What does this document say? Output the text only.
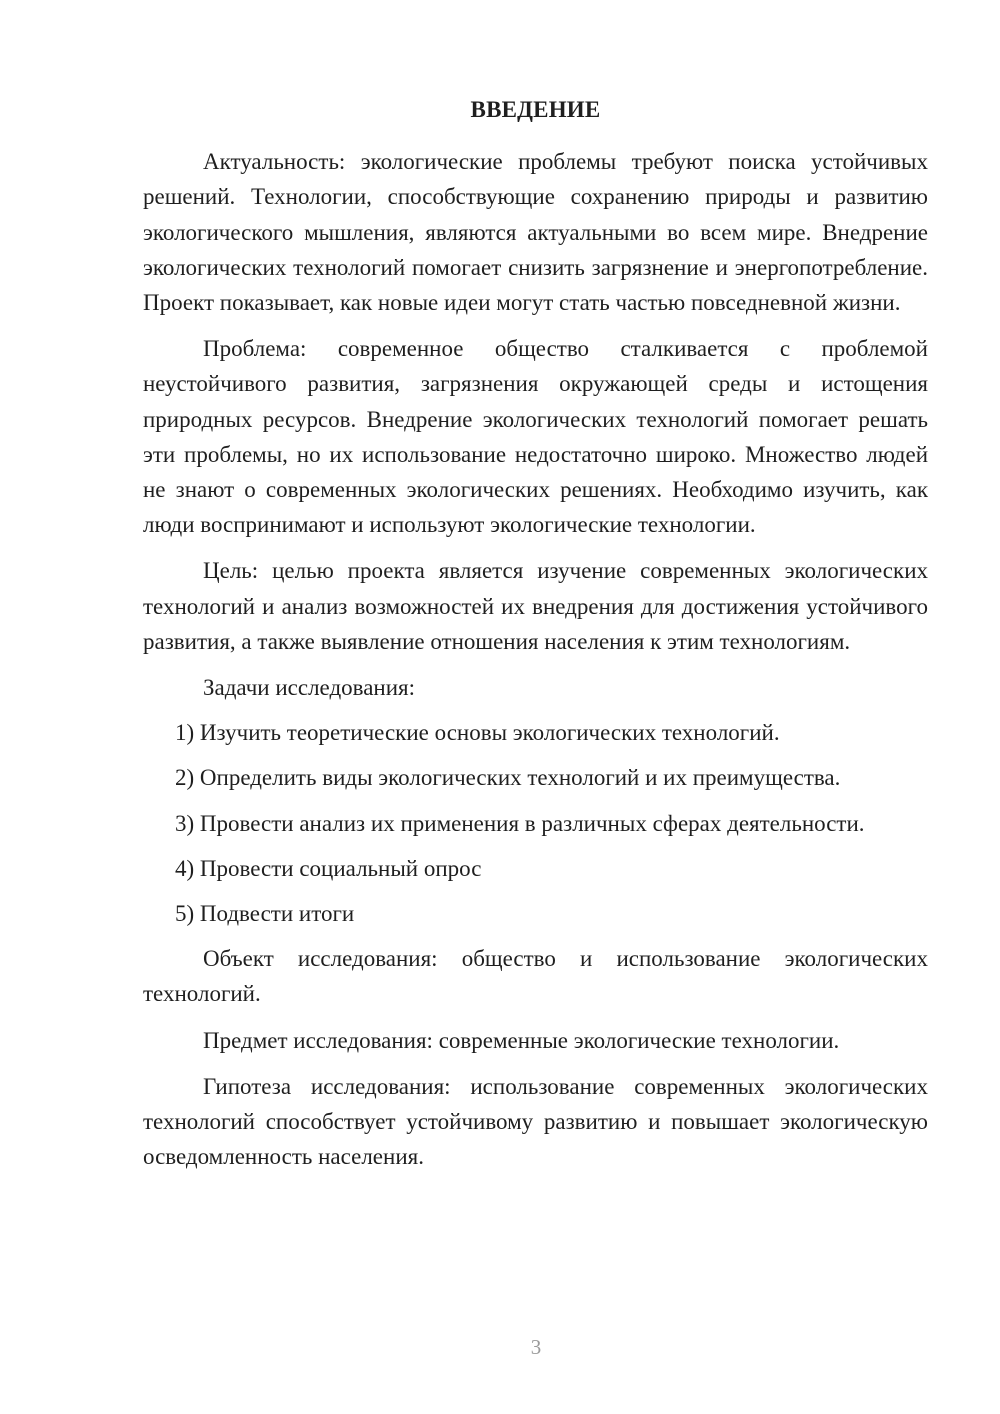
ВВЕДЕНИЕ

Актуальность: экологические проблемы требуют поиска устойчивых решений. Технологии, способствующие сохранению природы и развитию экологического мышления, являются актуальными во всем мире. Внедрение экологических технологий помогает снизить загрязнение и энергопотребление. Проект показывает, как новые идеи могут стать частью повседневной жизни.

Проблема: современное общество сталкивается с проблемой неустойчивого развития, загрязнения окружающей среды и истощения природных ресурсов. Внедрение экологических технологий помогает решать эти проблемы, но их использование недостаточно широко. Множество людей не знают о современных экологических решениях. Необходимо изучить, как люди воспринимают и используют экологические технологии.

Цель: целью проекта является изучение современных экологических технологий и анализ возможностей их внедрения для достижения устойчивого развития, а также выявление отношения населения к этим технологиям.

Задачи исследования:

1) Изучить теоретические основы экологических технологий.
2) Определить виды экологических технологий и их преимущества.
3) Провести анализ их применения в различных сферах деятельности.
4) Провести социальный опрос
5) Подвести итоги

Объект исследования: общество и использование экологических технологий.

Предмет исследования: современные экологические технологии.

Гипотеза исследования: использование современных экологических технологий способствует устойчивому развитию и повышает экологическую осведомленность населения.

3
